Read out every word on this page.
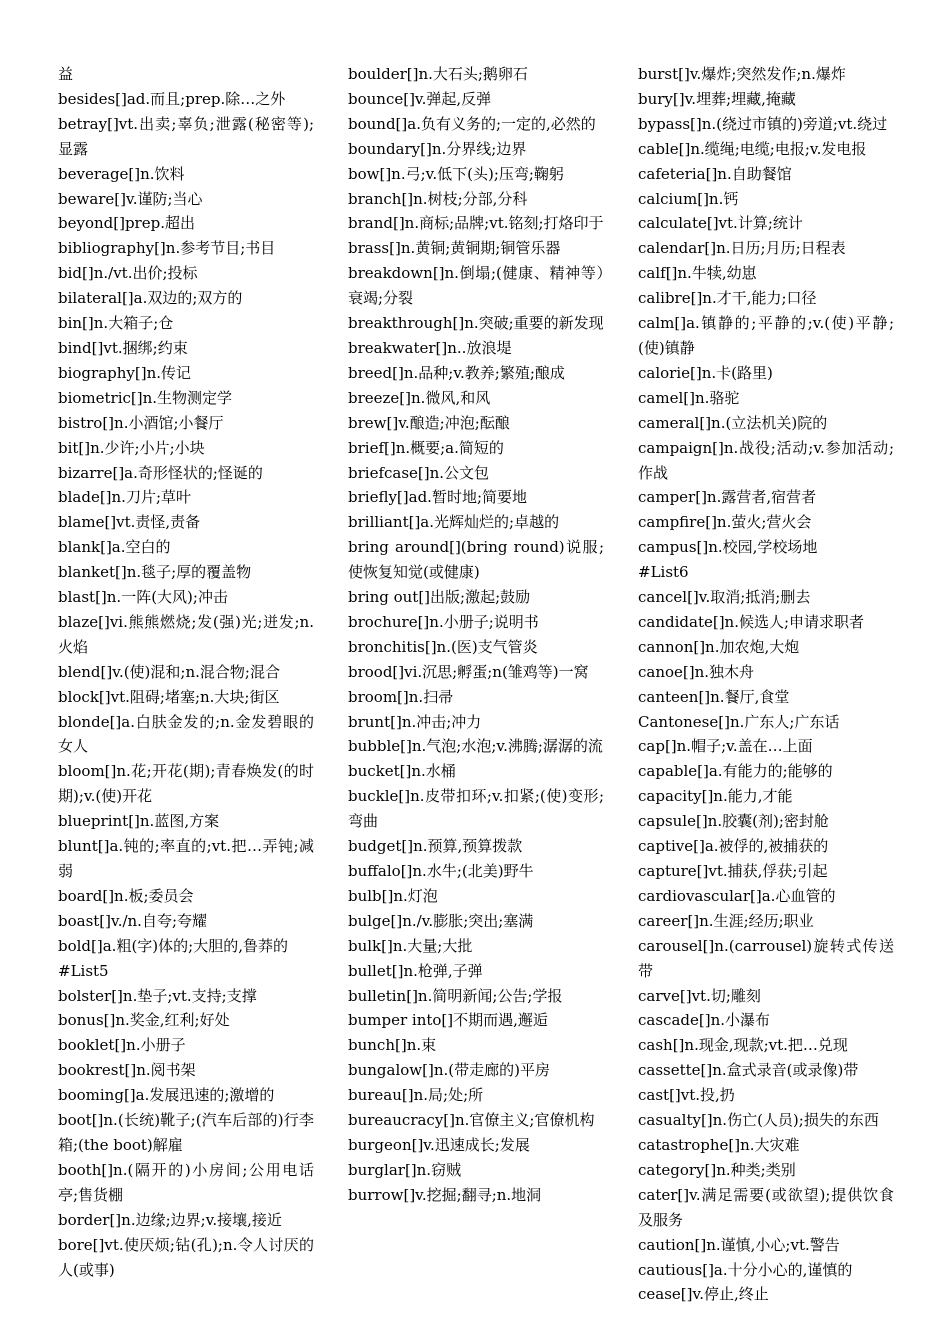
益
besides[]ad.而且;prep.除…之外
betray[]vt.出卖;辜负;泄露(秘密等);显露
beverage[]n.饮料
beware[]v.谨防;当心
beyond[]prep.超出
bibliography[]n.参考节目;书目
bid[]n./vt.出价;投标
bilateral[]a.双边的;双方的
bin[]n.大箱子;仓
bind[]vt.捆绑;约束
biography[]n.传记
biometric[]n.生物测定学
bistro[]n.小酒馆;小餐厅
bit[]n.少许;小片;小块
bizarre[]a.奇形怪状的;怪诞的
blade[]n.刀片;草叶
blame[]vt.责怪,责备
blank[]a.空白的
blanket[]n.毯子;厚的覆盖物
blast[]n.一阵(大风);冲击
blaze[]vi.熊熊燃烧;发(强)光;迸发;n.火焰
blend[]v.(使)混和;n.混合物;混合
block[]vt.阻碍;堵塞;n.大块;街区
blonde[]a.白肤金发的;n.金发碧眼的女人
bloom[]n.花;开花(期);青春焕发(的时期);v.(使)开花
blueprint[]n.蓝图,方案
blunt[]a.钝的;率直的;vt.把…弄钝;减弱
board[]n.板;委员会
boast[]v./n.自夸;夸耀
bold[]a.粗(字)体的;大胆的,鲁莽的
#List5
bolster[]n.垫子;vt.支持;支撑
bonus[]n.奖金,红利;好处
booklet[]n.小册子
bookrest[]n.阅书架
booming[]a.发展迅速的;激增的
boot[]n.(长统)靴子;(汽车后部的)行李箱;(the boot)解雇
booth[]n.(隔开的)小房间;公用电话亭;售货棚
border[]n.边缘;边界;v.接壤,接近
bore[]vt.使厌烦;钻(孔);n.令人讨厌的人(或事)
boulder[]n.大石头;鹅卵石
bounce[]v.弹起,反弹
bound[]a.负有义务的;一定的,必然的
boundary[]n.分界线;边界
bow[]n.弓;v.低下(头);压弯;鞠躬
branch[]n.树枝;分部,分科
brand[]n.商标;品牌;vt.铭刻;打烙印于
brass[]n.黄铜;黄铜期;铜管乐器
breakdown[]n.倒塌;(健康、精神等）衰竭;分裂
breakthrough[]n.突破;重要的新发现
breakwater[]n..放浪堤
breed[]n.品种;v.教养;繁殖;酿成
breeze[]n.微风,和风
brew[]v.酿造;冲泡;酝酿
brief[]n.概要;a.简短的
briefcase[]n.公文包
briefly[]ad.暂时地;简要地
brilliant[]a.光辉灿烂的;卓越的
bring around[](bring round)说服;使恢复知觉(或健康)
bring out[]出版;激起;鼓励
brochure[]n.小册子;说明书
bronchitis[]n.(医)支气管炎
brood[]vi.沉思;孵蛋;n(雏鸡等)一窝
broom[]n.扫帚
brunt[]n.冲击;冲力
bubble[]n.气泡;水泡;v.沸腾;潺潺的流
bucket[]n.水桶
buckle[]n.皮带扣环;v.扣紧;(使)变形;弯曲
budget[]n.预算,预算拨款
buffalo[]n.水牛;(北美)野牛
bulb[]n.灯泡
bulge[]n./v.膨胀;突出;塞满
bulk[]n.大量;大批
bullet[]n.枪弹,子弹
bulletin[]n.简明新闻;公告;学报
bumper into[]不期而遇,邂逅
bunch[]n.束
bungalow[]n.(带走廊的)平房
bureau[]n.局;处;所
bureaucracy[]n.官僚主义;官僚机构
burgeon[]v.迅速成长;发展
burglar[]n.窃贼
burrow[]v.挖掘;翻寻;n.地洞
burst[]v.爆炸;突然发作;n.爆炸
bury[]v.埋葬;埋藏,掩藏
bypass[]n.(绕过市镇的)旁道;vt.绕过
cable[]n.缆绳;电缆;电报;v.发电报
cafeteria[]n.自助餐馆
calcium[]n.钙
calculate[]vt.计算;统计
calendar[]n.日历;月历;日程表
calf[]n.牛犊,幼崽
calibre[]n.才干,能力;口径
calm[]a.镇静的;平静的;v.(使)平静;(使)镇静
calorie[]n.卡(路里)
camel[]n.骆驼
cameral[]n.(立法机关)院的
campaign[]n.战役;活动;v.参加活动;作战
camper[]n.露营者,宿营者
campfire[]n.萤火;营火会
campus[]n.校园,学校场地
#List6
cancel[]v.取消;抵消;删去
candidate[]n.候选人;申请求职者
cannon[]n.加农炮,大炮
canoe[]n.独木舟
canteen[]n.餐厅,食堂
Cantonese[]n.广东人;广东话
cap[]n.帽子;v.盖在…上面
capable[]a.有能力的;能够的
capacity[]n.能力,才能
capsule[]n.胶囊(剂);密封舱
captive[]a.被俘的,被捕获的
capture[]vt.捕获,俘获;引起
cardiovascular[]a.心血管的
career[]n.生涯;经历;职业
carousel[]n.(carrousel)旋转式传送带
carve[]vt.切;雕刻
cascade[]n.小瀑布
cash[]n.现金,现款;vt.把…兑现
cassette[]n.盒式录音(或录像)带
cast[]vt.投,扔
casualty[]n.伤亡(人员);损失的东西
catastrophe[]n.大灾难
category[]n.种类;类别
cater[]v.满足需要(或欲望);提供饮食及服务
caution[]n.谨慎,小心;vt.警告
cautious[]a.十分小心的,谨慎的
cease[]v.停止,终止
